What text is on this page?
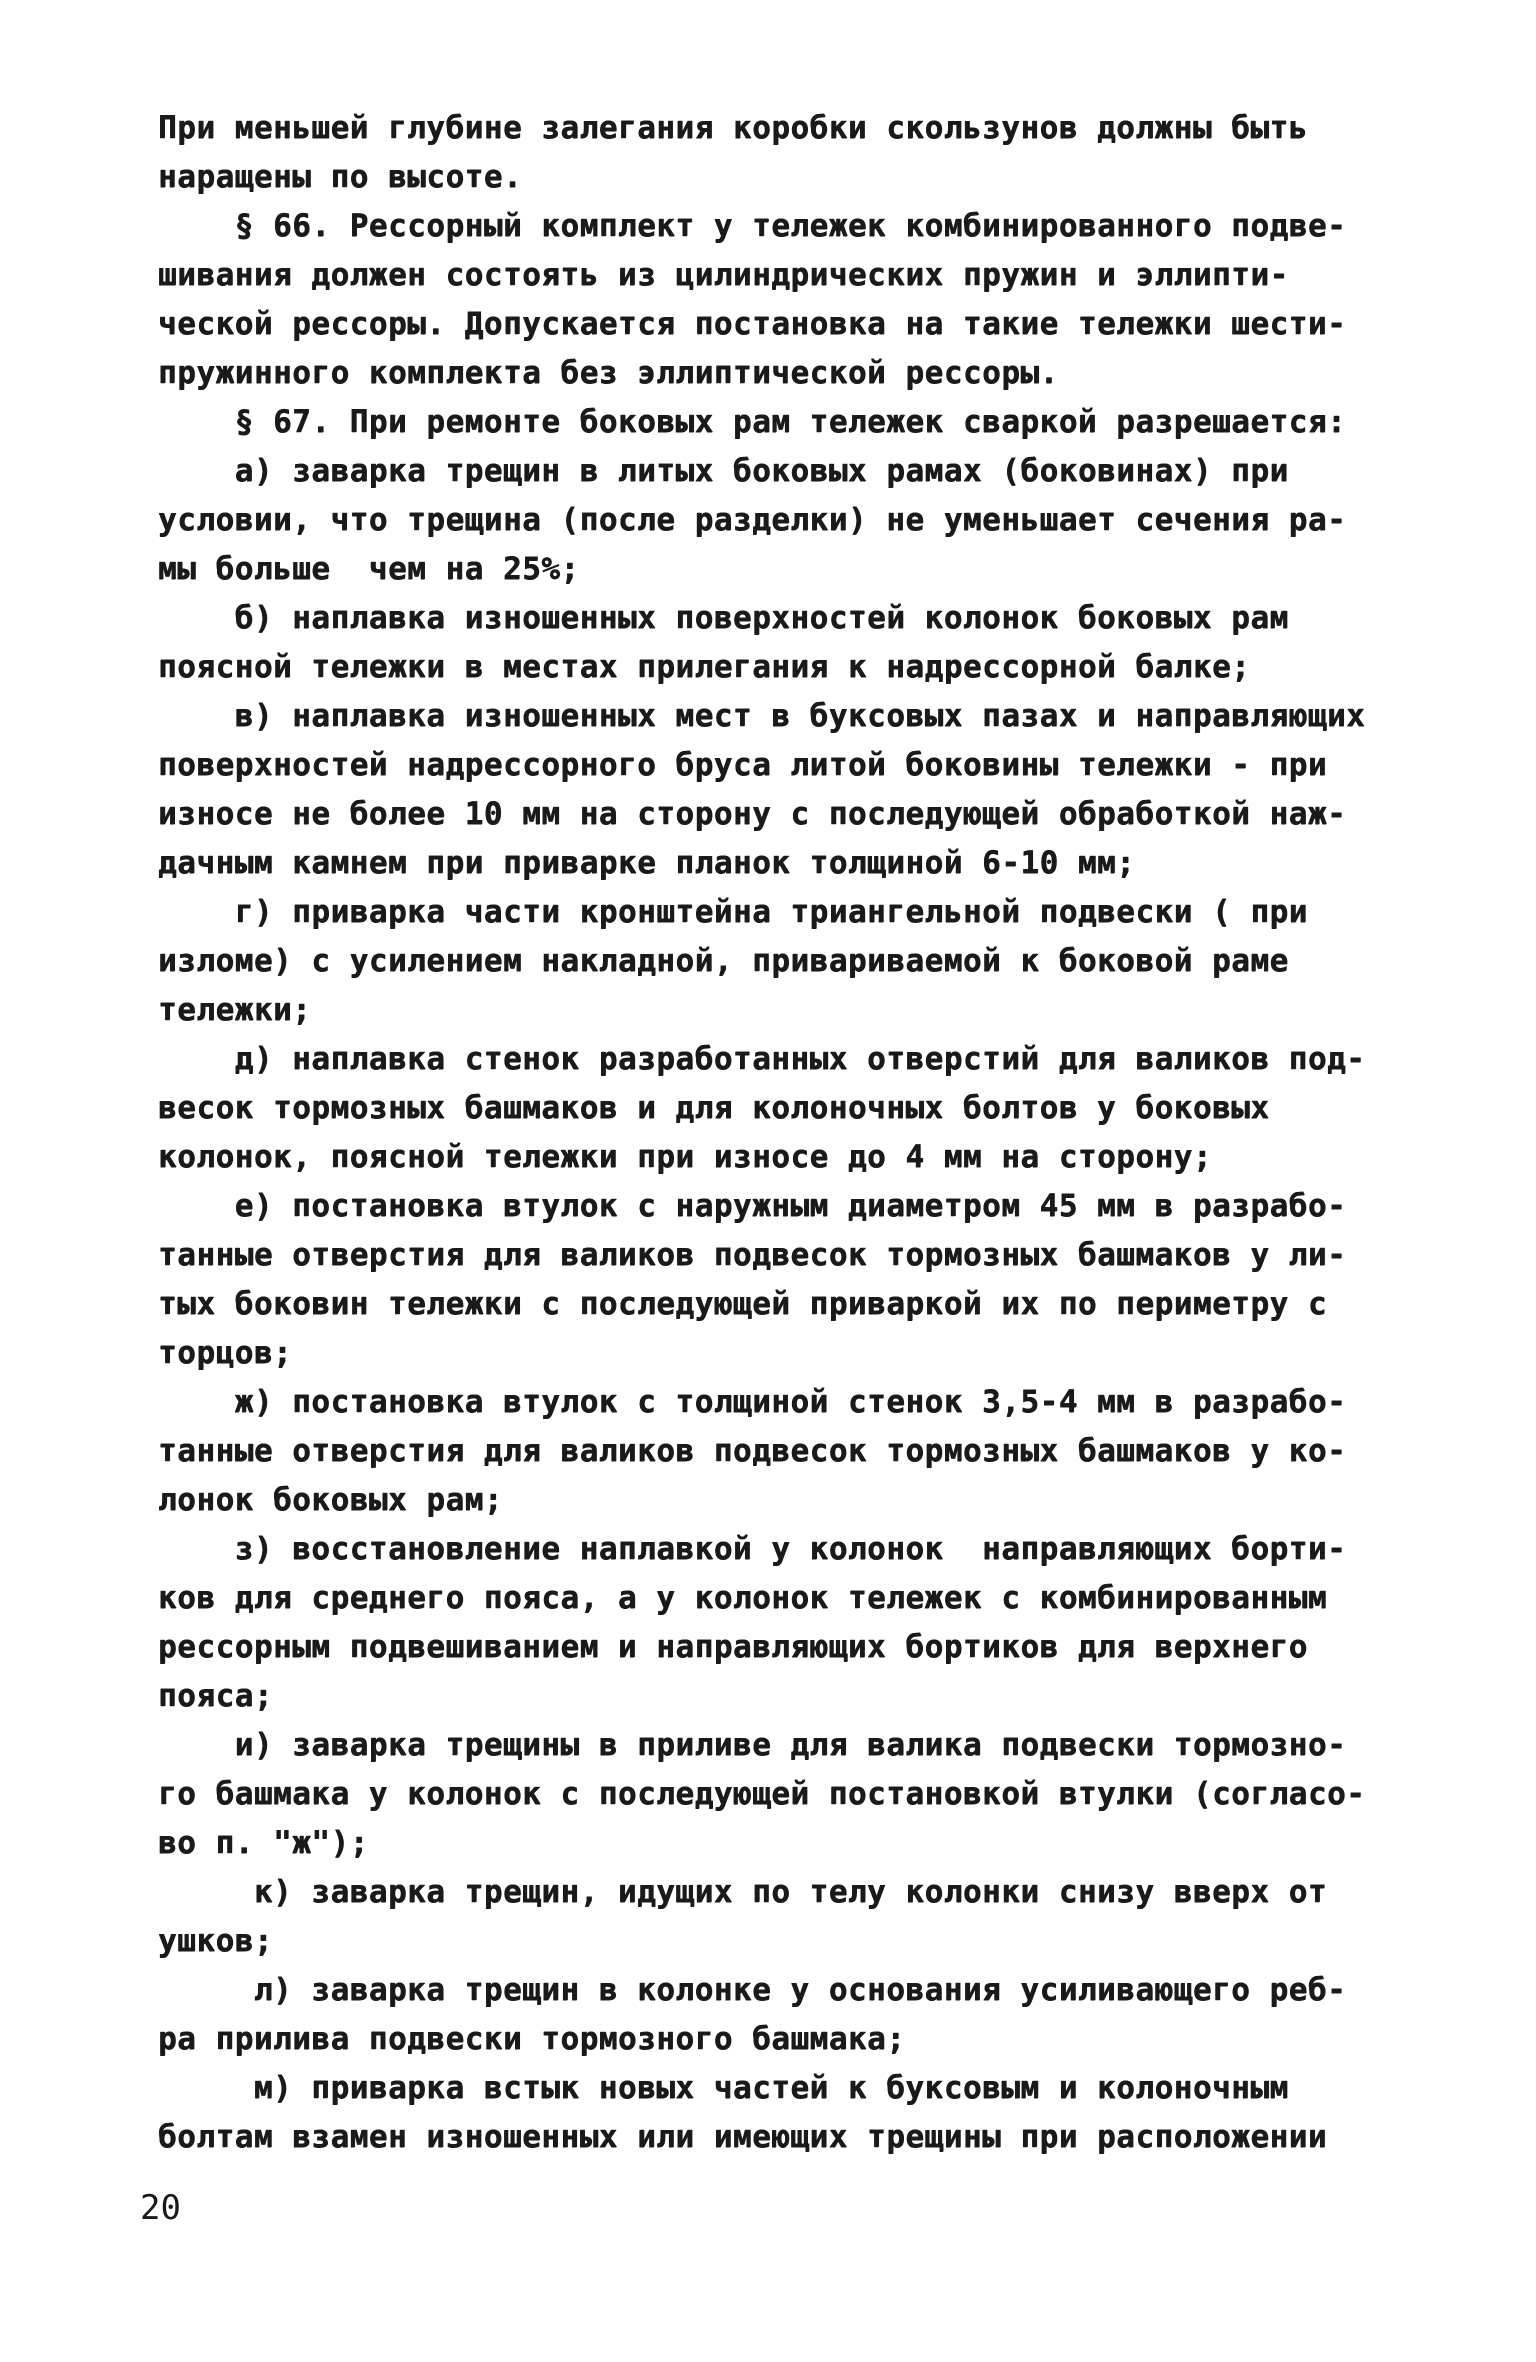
При меньшей глубине залегания коробки скользунов должны быть
наращены по высоте.
§ 66. Рессорный комплект у тележек комбинированного подве-
шивания должен состоять из цилиндрических пружин и эллипти-
ческой рессоры. Допускается постановка на такие тележки шести-
пружинного комплекта без эллиптической рессоры.
§ 67. При ремонте боковых рам тележек сваркой разрешается:
а) заварка трещин в литых боковых рамах (боковинах) при
условии, что трещина (после разделки) не уменьшает сечения ра-
мы больше  чем на 25%;
б) наплавка изношенных поверхностей колонок боковых рам
поясной тележки в местах прилегания к надрессорной балке;
в) наплавка изношенных мест в буксовых пазах и направляющих
поверхностей надрессорного бруса литой боковины тележки - при
износе не более 10 мм на сторону с последующей обработкой наж-
дачным камнем при приварке планок толщиной 6-10 мм;
г) приварка части кронштейна триангельной подвески ( при
изломе) с усилением накладной, привариваемой к боковой раме
тележки;
д) наплавка стенок разработанных отверстий для валиков под-
весок тормозных башмаков и для колоночных болтов у боковых
колонок, поясной тележки при износе до 4 мм на сторону;
е) постановка втулок с наружным диаметром 45 мм в разрабо-
танные отверстия для валиков подвесок тормозных башмаков у ли-
тых боковин тележки с последующей приваркой их по периметру с
торцов;
ж) постановка втулок с толщиной стенок 3,5-4 мм в разрабо-
танные отверстия для валиков подвесок тормозных башмаков у ко-
лонок боковых рам;
з) восстановление наплавкой у колонок  направляющих борти-
ков для среднего пояса, а у колонок тележек с комбинированным
рессорным подвешиванием и направляющих бортиков для верхнего
пояса;
и) заварка трещины в приливе для валика подвески тормозно-
го башмака у колонок с последующей постановкой втулки (согласо-
во п. "ж");
к) заварка трещин, идущих по телу колонки снизу вверх от
ушков;
л) заварка трещин в колонке у основания усиливающего реб-
ра прилива подвески тормозного башмака;
м) приварка встык новых частей к буксовым и колоночным
болтам взамен изношенных или имеющих трещины при расположении
20
